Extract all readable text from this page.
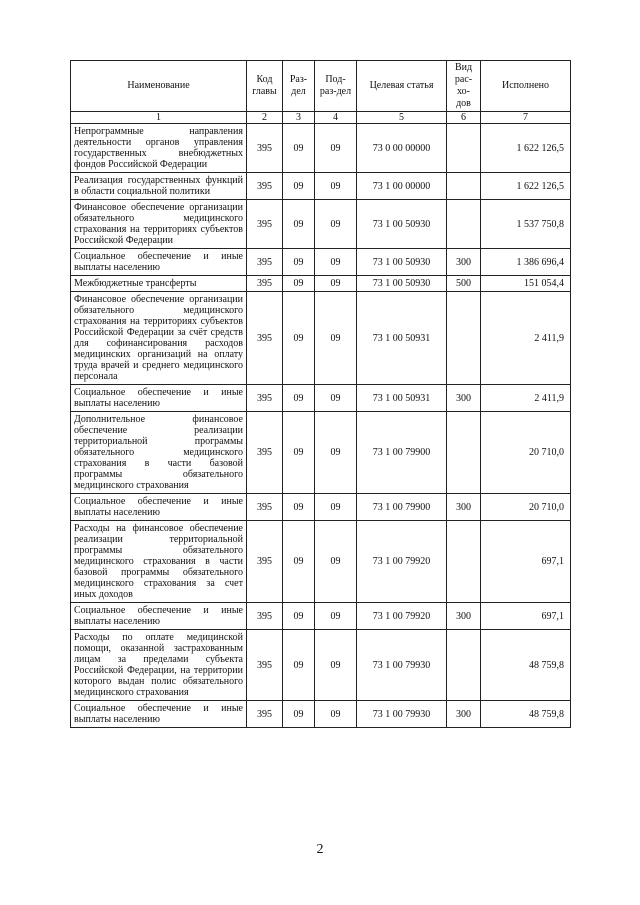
Наименование	Код главы	Раз-дел	Под-раз-дел	Целевая статья	Вид рас-хо-дов	Исполнено
1	2	3	4	5	6	7
Непрограммные направления деятельности органов управления государственных внебюджетных фондов Российской Федерации	395	09	09	73 0 00 00000		1 622 126,5
Реализация государственных функций в области социальной политики	395	09	09	73 1 00 00000		1 622 126,5
Финансовое обеспечение организации обязательного медицинского страхования на территориях субъектов Российской Федерации	395	09	09	73 1 00 50930		1 537 750,8
Социальное обеспечение и иные выплаты населению	395	09	09	73 1 00 50930	300	1 386 696,4
Межбюджетные трансферты	395	09	09	73 1 00 50930	500	151 054,4
Финансовое обеспечение организации обязательного медицинского страхования на территориях субъектов Российской Федерации за счёт средств для софинансирования расходов медицинских организаций на оплату труда врачей и среднего медицинского персонала	395	09	09	73 1 00 50931		2 411,9
Социальное обеспечение и иные выплаты населению	395	09	09	73 1 00 50931	300	2 411,9
Дополнительное финансовое обеспечение реализации территориальной программы обязательного медицинского страхования в части базовой программы обязательного медицинского страхования	395	09	09	73 1 00 79900		20 710,0
Социальное обеспечение и иные выплаты населению	395	09	09	73 1 00 79900	300	20 710,0
Расходы на финансовое обеспечение реализации территориальной программы обязательного медицинского страхования в части базовой программы обязательного медицинского страхования за счет иных доходов	395	09	09	73 1 00 79920		697,1
Социальное обеспечение и иные выплаты населению	395	09	09	73 1 00 79920	300	697,1
Расходы по оплате медицинской помощи, оказанной застрахованным лицам за пределами субъекта Российской Федерации, на территории которого выдан полис обязательного медицинского страхования	395	09	09	73 1 00 79930		48 759,8
Социальное обеспечение и иные выплаты населению	395	09	09	73 1 00 79930	300	48 759,8
2
